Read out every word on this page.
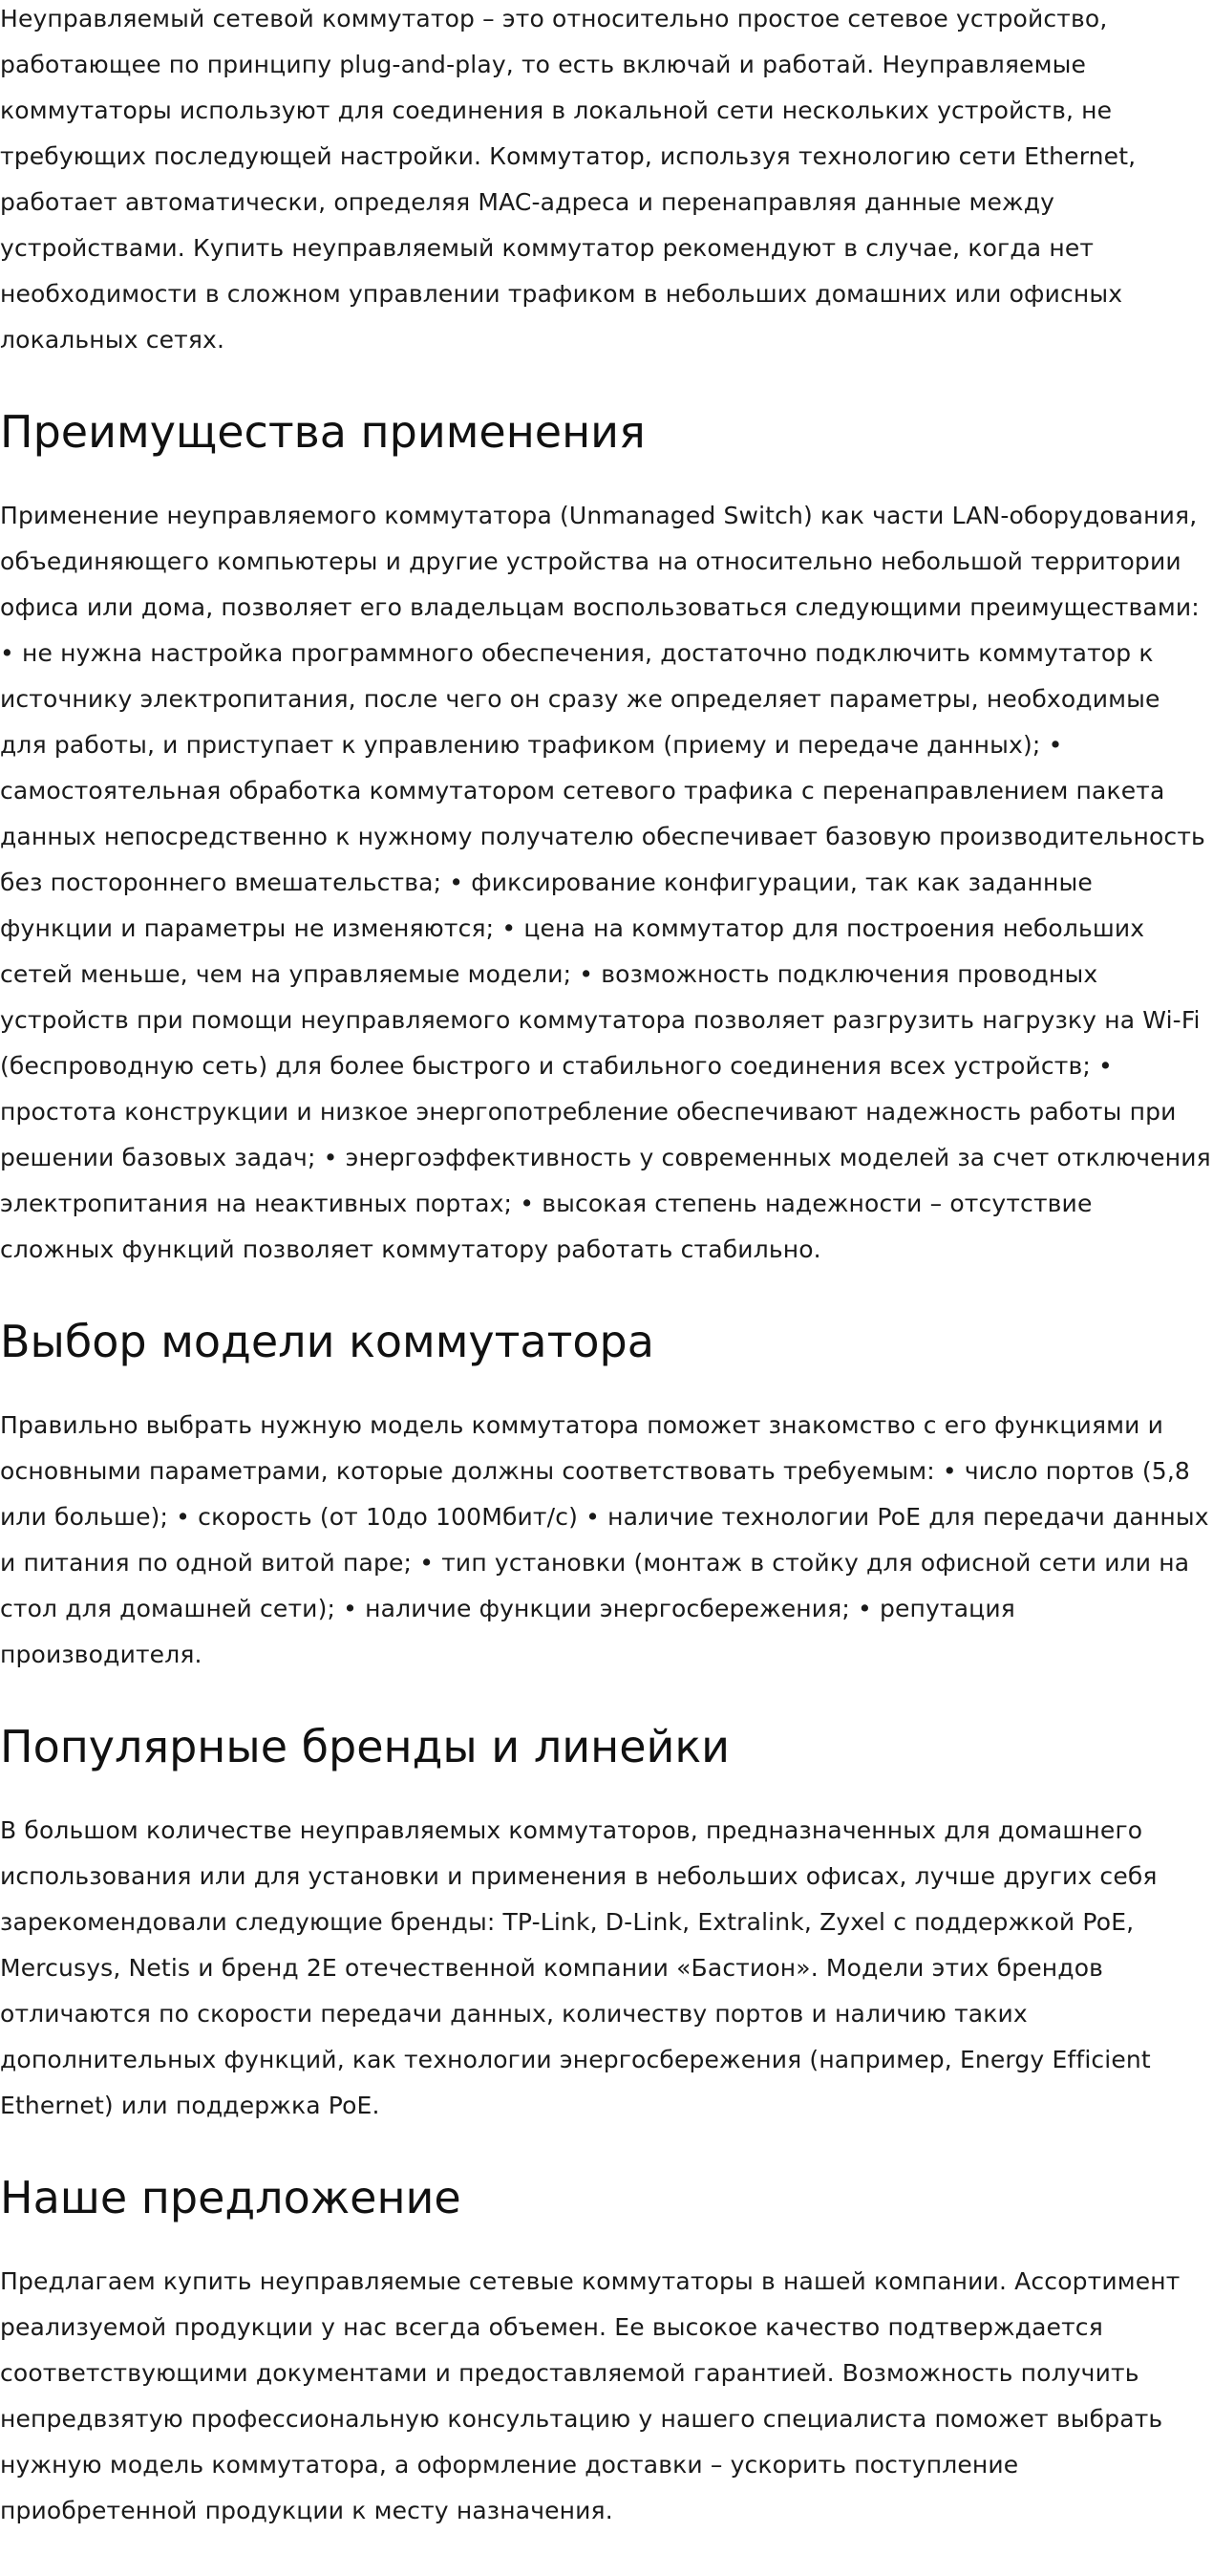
Неуправляемый сетевой коммутатор – это относительно простое сетевое устройство, работающее по принципу plug-and-play, то есть включай и работай. Неуправляемые коммутаторы используют для соединения в локальной сети нескольких устройств, не требующих последующей настройки. Коммутатор, используя технологию сети Ethernet, работает автоматически, определяя MAC-адреса и перенаправляя данные между устройствами. Купить неуправляемый коммутатор рекомендуют в случае, когда нет необходимости в сложном управлении трафиком в небольших домашних или офисных локальных сетях.

Преимущества применения

Применение неуправляемого коммутатора (Unmanaged Switch) как части LAN-оборудования, объединяющего компьютеры и другие устройства на относительно небольшой территории офиса или дома, позволяет его владельцам воспользоваться следующими преимуществами: • не нужна настройка программного обеспечения, достаточно подключить коммутатор к источнику электропитания, после чего он сразу же определяет параметры, необходимые для работы, и приступает к управлению трафиком (приему и передаче данных); • самостоятельная обработка коммутатором сетевого трафика с перенаправлением пакета данных непосредственно к нужному получателю обеспечивает базовую производительность без постороннего вмешательства; • фиксирование конфигурации, так как заданные функции и параметры не изменяются; • цена на коммутатор для построения небольших сетей меньше, чем на управляемые модели; • возможность подключения проводных устройств при помощи неуправляемого коммутатора позволяет разгрузить нагрузку на Wi-Fi (беспроводную сеть) для более быстрого и стабильного соединения всех устройств; • простота конструкции и низкое энергопотребление обеспечивают надежность работы при решении базовых задач; • энергоэффективность у современных моделей за счет отключения электропитания на неактивных портах; • высокая степень надежности – отсутствие сложных функций позволяет коммутатору работать стабильно.

Выбор модели коммутатора

Правильно выбрать нужную модель коммутатора поможет знакомство с его функциями и основными параметрами, которые должны соответствовать требуемым: • число портов (5,8 или больше); • скорость (от 10до 100Мбит/с) • наличие технологии PoE для передачи данных и питания по одной витой паре; • тип установки (монтаж в стойку для офисной сети или на стол для домашней сети); • наличие функции энергосбережения; • репутация производителя.

Популярные бренды и линейки

В большом количестве неуправляемых коммутаторов, предназначенных для домашнего использования или для установки и применения в небольших офисах, лучше других себя зарекомендовали следующие бренды: TP-Link, D-Link, Extralink, Zyxel с поддержкой PoE, Mercusys, Netis и бренд 2E отечественной компании «Бастион». Модели этих брендов отличаются по скорости передачи данных, количеству портов и наличию таких дополнительных функций, как технологии энергосбережения (например, Energy Efficient Ethernet) или поддержка PoE.

Наше предложение

Предлагаем купить неуправляемые сетевые коммутаторы в нашей компании. Ассортимент реализуемой продукции у нас всегда объемен. Ее высокое качество подтверждается соответствующими документами и предоставляемой гарантией. Возможность получить непредвзятую профессиональную консультацию у нашего специалиста поможет выбрать нужную модель коммутатора, а оформление доставки – ускорить поступление приобретенной продукции к месту назначения.
